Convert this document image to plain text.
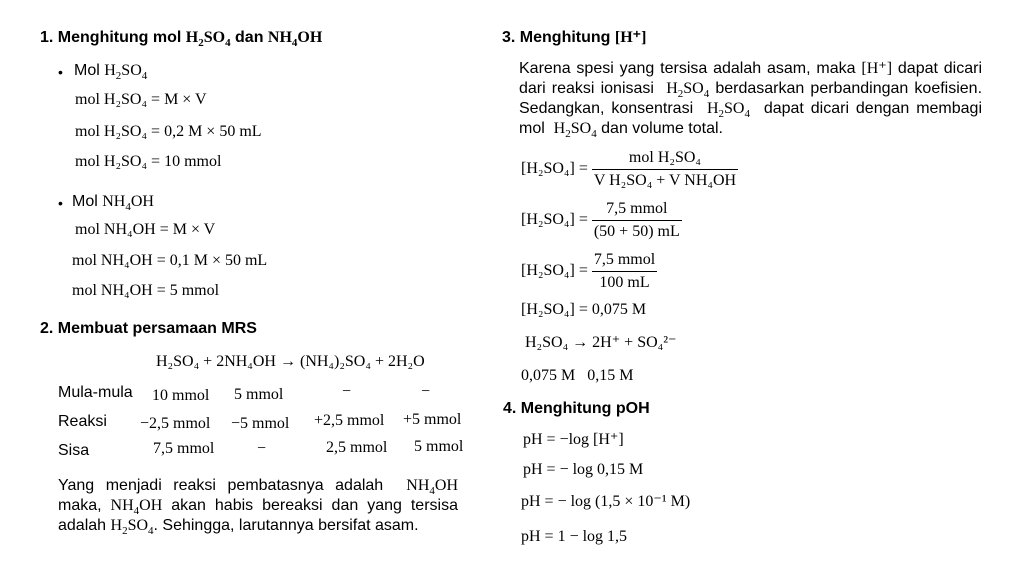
1. Menghitung mol $H_2SO_4$ dan $NH_4OH$
• Mol $H_2SO_4$
mol H₂SO₄ = M × V
mol H₂SO₄ = 0,2 M × 50 mL
mol H₂SO₄ = 10 mmol
• Mol $NH_4OH$
mol NH₄OH = M × V
mol NH₄OH = 0,1 M × 50 mL
mol NH₄OH = 5 mmol
2. Membuat persamaan MRS
H₂SO₄ + 2NH₄OH → (NH₄)₂SO₄ + 2H₂O
Mula-mula 10 mmol 5 mmol	−	−
Reaksi −2,5 mmol −5 mmol +2,5 mmol +5 mmol
Sisa	7,5 mmol	−	2,5 mmol 5 mmol
Yang menjadi reaksi pembatasnya adalah $NH_4OH$ maka, $NH_4OH$ akan habis bereaksi dan yang tersisa adalah $H_2SO_4$. Sehingga, larutannya bersifat asam.
3. Menghitung [H⁺]
Karena spesi yang tersisa adalah asam, maka [H⁺] dapat dicari dari reaksi ionisasi $H_2SO_4$ berdasarkan perbandingan koefisien. Sedangkan, konsentrasi $H_2SO_4$ dapat dicari dengan membagi mol $H_2SO_4$ dan volume total.
$[H_2SO_4] = \frac{\text{mol H₂SO₄}}{\text{V H₂SO₄ + V NH₄OH}}$
$[H_2SO_4] = \frac{\text{7,5 mmol}}{(50 + 50) mL}$
$[H_2SO_4] = \frac{\text{7,5 mmol}}{100 mL}$
[H₂SO₄] = 0,075 M
H₂SO₄ → 2H⁺ + SO₄²⁻
0,075 M   0,15 M
4. Menghitung pOH
pH = −log [H⁺]
pH = − log 0,15 M
pH = − log (1,5 × 10⁻¹ M)
pH = 1 − log 1,5
